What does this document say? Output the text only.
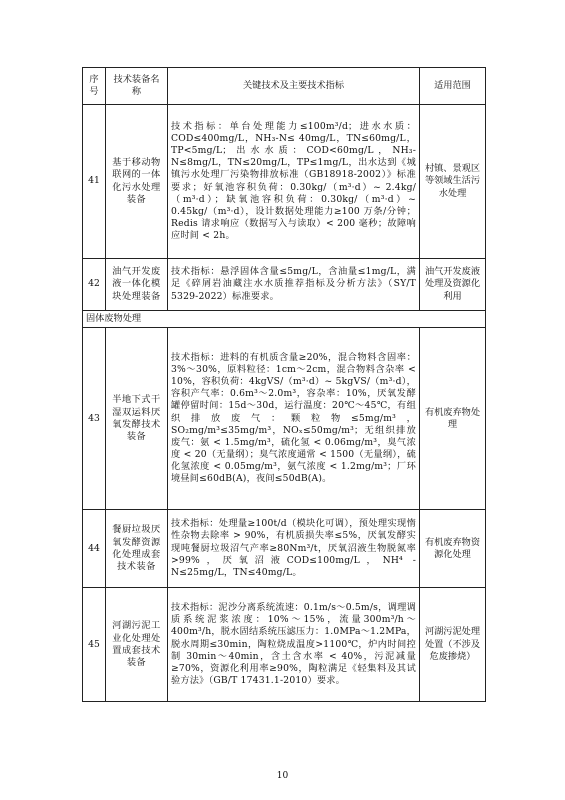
序号	技术装备名称	关键技术及主要技术指标	适用范围
41	基于移动物联网的一体化污水处理装备	技术指标：单台处理能力≤100m³/d；进水水质：COD≤400mg/L，NH₃-N≤ 40mg/L，TN≤60mg/L，TP<5mg/L；出水水质：COD<60mg/L，NH₃-N≤8mg/L，TN≤20mg/L，TP≤1mg/L，出水达到《城镇污水处理厂污染物排放标准（GB18918-2002）》标准要求；好氧池容积负荷：0.30kg/（m³·d）~ 2.4kg/（m³·d）；缺氧池容积负荷：0.30kg/（m³·d）~ 0.45kg/（m³·d），设计数据处理能力≥100 万条/分钟；Redis 请求响应（数据写入与读取）< 200 毫秒；故障响应时间 < 2h。	村镇、景观区等领域生活污水处理
42	油气开发废液一体化模块处理装备	技术指标：悬浮固体含量≤5mg/L，含油量≤1mg/L，满足《碎屑岩油藏注水水质推荐指标及分析方法》（SY/T 5329-2022）标准要求。	油气开发废液处理及资源化利用
固体废物处理			
43	半地下式干湿双运料厌氧发酵技术装备	技术指标：进料的有机质含量≥20%，混合物料含固率：3%～30%，原料粒径：1cm～2cm，混合物料含杂率 < 10%，容积负荷：4kgVS/（m³·d）~ 5kgVS/（m³·d），容积产气率：0.6m³～2.0m³，容杂率：10%，厌氧发酵罐停留时间：15d～30d，运行温度：20℃～45℃，有组织排放废气：颗粒物≤5mg/m³，SO₂mg/m³≤35mg/m³，NOₓ≤50mg/m³；无组织排放废气：氨 < 1.5mg/m³，硫化氢 < 0.06mg/m³，臭气浓度 < 20（无量纲）；臭气浓度通常 < 1500（无量纲），硫化氢浓度 < 0.05mg/m³，氨气浓度 < 1.2mg/m³；厂环境昼间≤60dB(A)，夜间≤50dB(A)。	有机废弃物处理
44	餐厨垃圾厌氧发酵资源化处理成套技术装备	技术指标：处理量≥100t/d（模块化可调），预处理实现惰性杂物去除率 > 90%，有机质损失率≤5%，厌氧发酵实现吨餐厨垃圾沼气产率≥80Nm³/t，厌氧沼液生物脱氮率 >99%，厌氧沼液COD≤100mg/L，NH⁴ -N≤25mg/L，TN≤40mg/L。	有机废弃物资源化处理
45	河湖污泥工业化处理处置成套技术装备	技术指标：泥沙分离系统流速：0.1m/s～0.5m/s，调理调质系统泥浆浓度：10%～15%，流量300m³/h～400m³/h，脱水固结系统压滤压力：1.0MPa～1.2MPa，脱水周期≤30min，陶粒烧成温度>1100℃，炉内时间控制 30min～40min，含土含水率 < 40%，污泥减量≥70%，资源化利用率≥90%，陶粒满足《轻集料及其试验方法》（GB/T 17431.1-2010）要求。	河湖污泥处理处置（不涉及危废掺烧）
10
